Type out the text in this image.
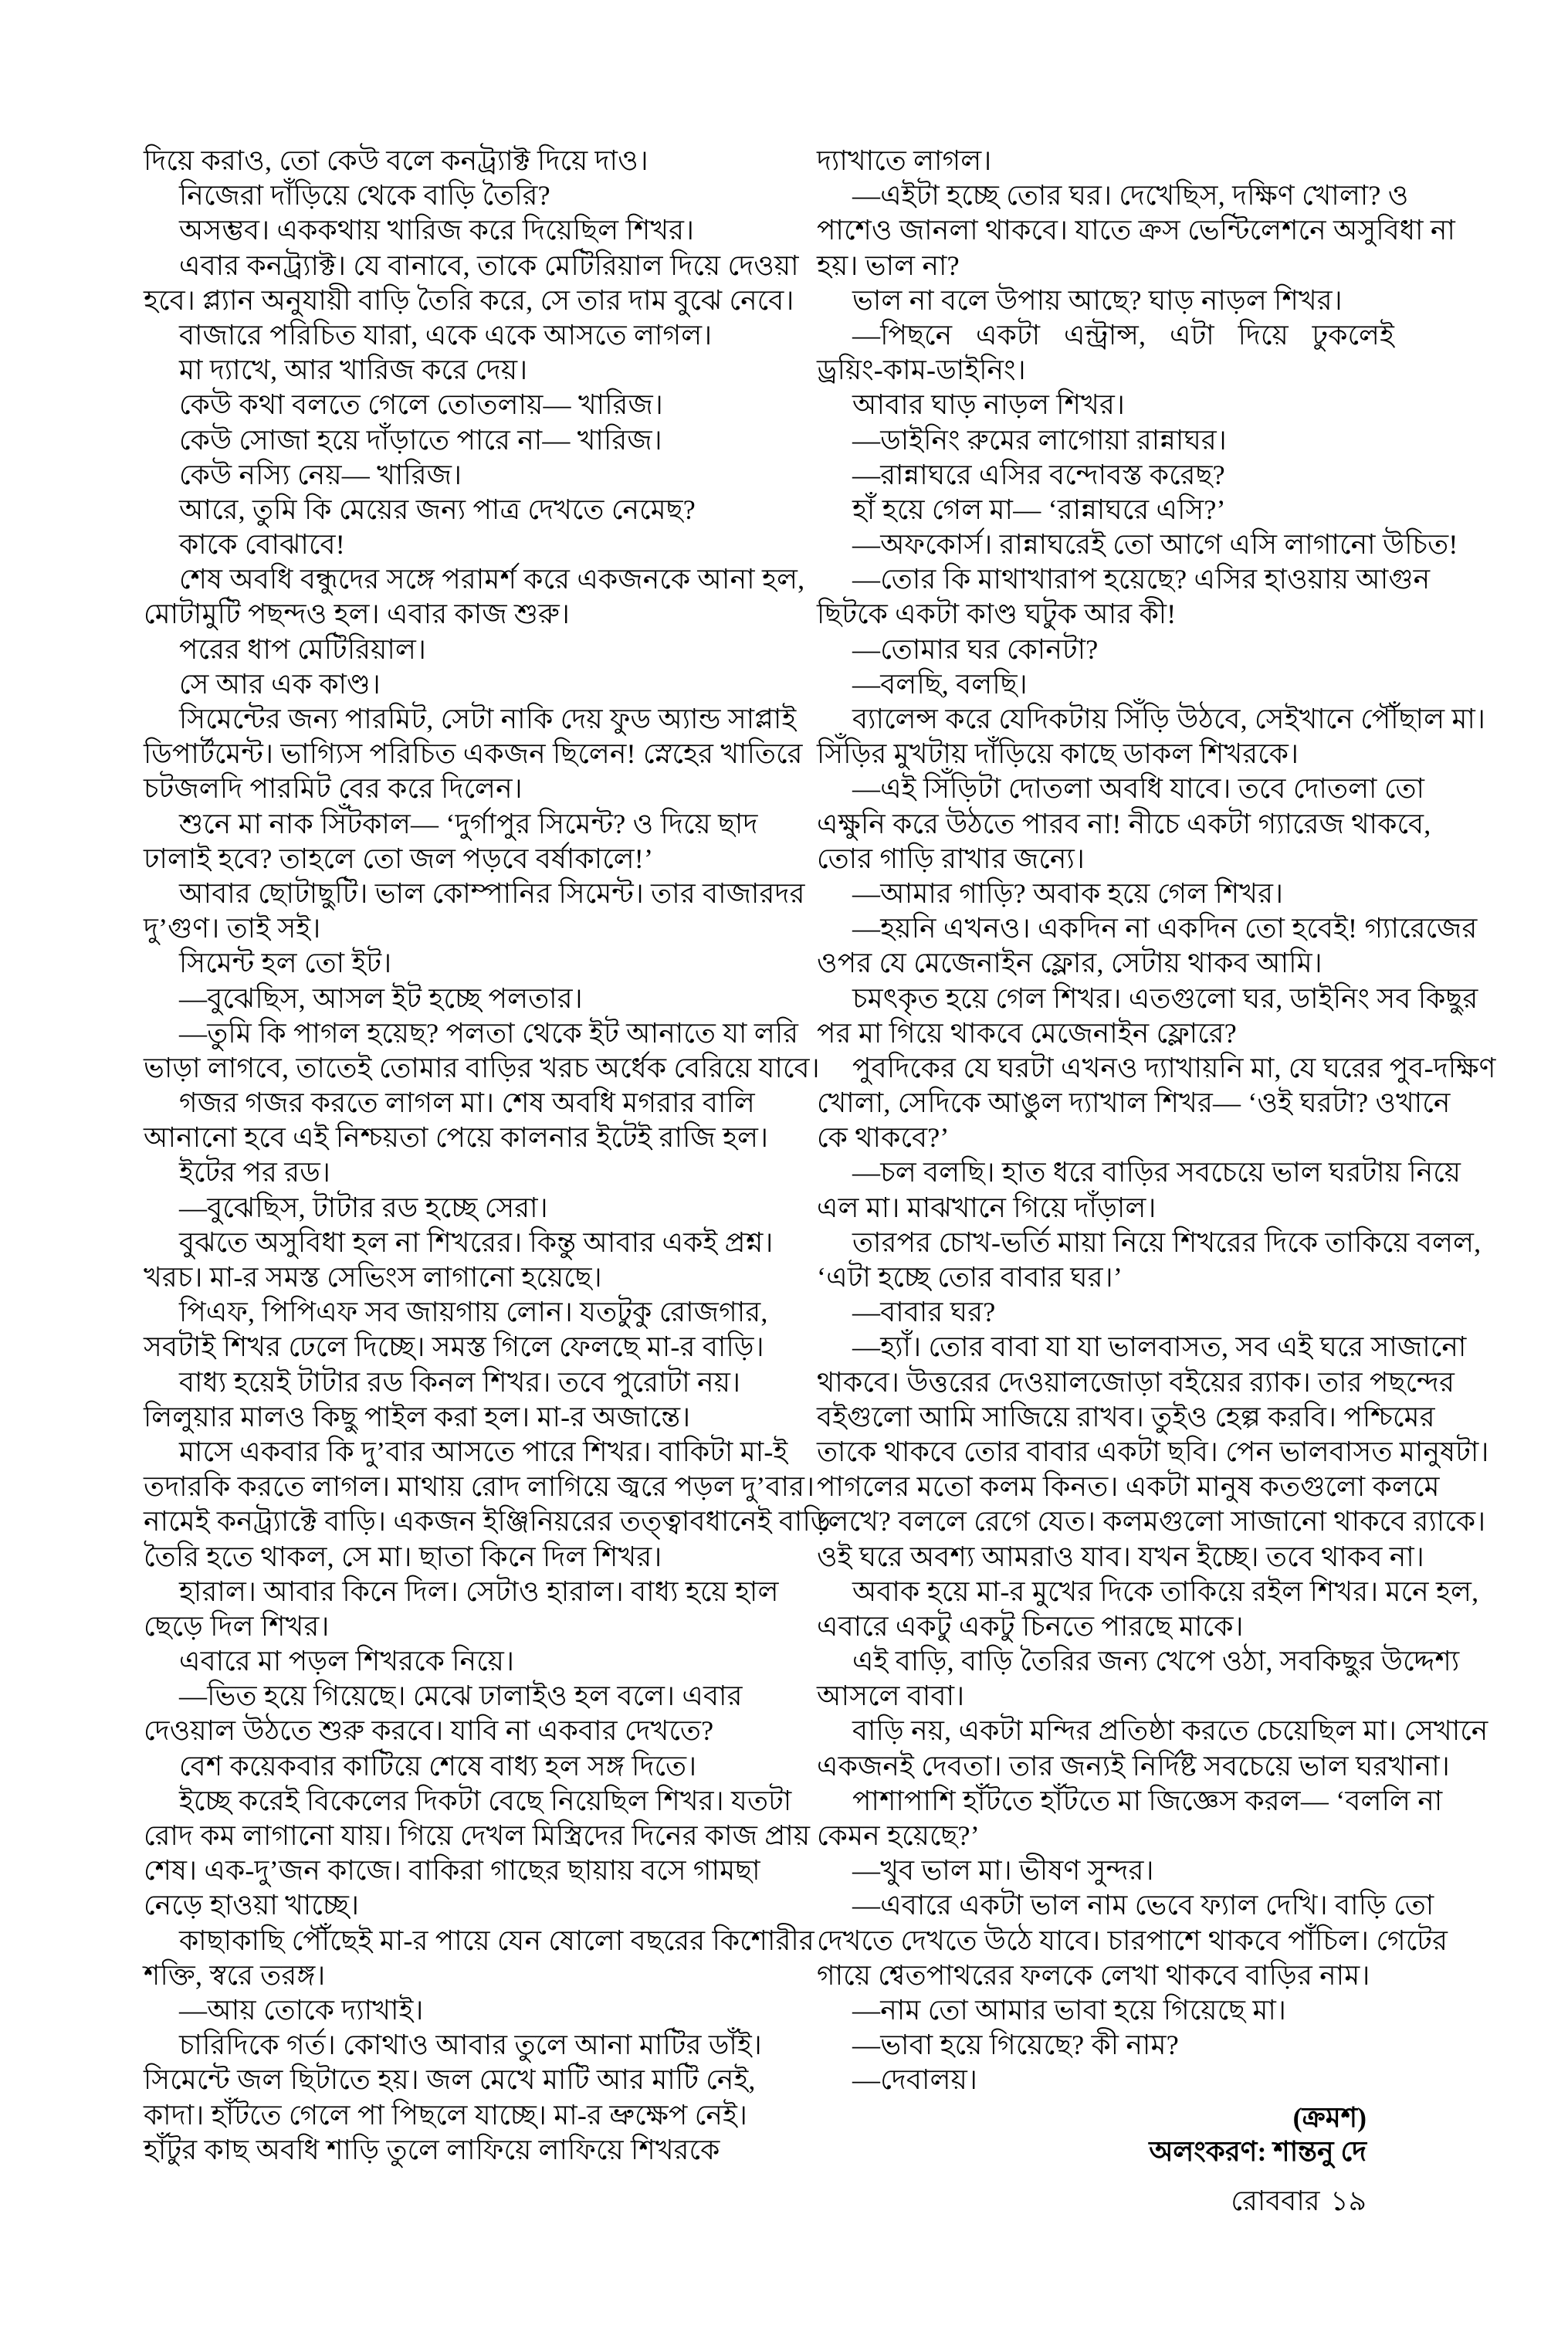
দিয়ে করাও, তো কেউ বলে কনট্র্যাক্ট দিয়ে দাও।
নিজেরা দাঁড়িয়ে থেকে বাড়ি তৈরি?
অসম্ভব। এককথায় খারিজ করে দিয়েছিল শিখর।
এবার কনট্র্যাক্ট। যে বানাবে, তাকে মেটিরিয়াল দিয়ে দেওয়া
হবে। প্ল্যান অনুযায়ী বাড়ি তৈরি করে, সে তার দাম বুঝে নেবে।
বাজারে পরিচিত যারা, একে একে আসতে লাগল।
মা দ্যাখে, আর খারিজ করে দেয়।
কেউ কথা বলতে গেলে তোতলায়— খারিজ।
কেউ সোজা হয়ে দাঁড়াতে পারে না— খারিজ।
কেউ নস্যি নেয়— খারিজ।
আরে, তুমি কি মেয়ের জন্য পাত্র দেখতে নেমেছ?
কাকে বোঝাবে!
শেষ অবধি বন্ধুদের সঙ্গে পরামর্শ করে একজনকে আনা হল,
মোটামুটি পছন্দও হল। এবার কাজ শুরু।
পরের ধাপ মেটিরিয়াল।
সে আর এক কাণ্ড।
সিমেন্টের জন্য পারমিট, সেটা নাকি দেয় ফুড অ্যান্ড সাপ্লাই
ডিপার্টমেন্ট। ভাগ্যিস পরিচিত একজন ছিলেন! স্নেহের খাতিরে
চটজলদি পারমিট বের করে দিলেন।
শুনে মা নাক সিঁটকাল— ‘দুর্গাপুর সিমেন্ট? ও দিয়ে ছাদ
ঢালাই হবে? তাহলে তো জল পড়বে বর্ষাকালে!’
আবার ছোটাছুটি। ভাল কোম্পানির সিমেন্ট। তার বাজারদর
দু’গুণ। তাই সই।
সিমেন্ট হল তো ইট।
—বুঝেছিস, আসল ইট হচ্ছে পলতার।
—তুমি কি পাগল হয়েছ? পলতা থেকে ইট আনাতে যা লরি
ভাড়া লাগবে, তাতেই তোমার বাড়ির খরচ অর্ধেক বেরিয়ে যাবে।
গজর গজর করতে লাগল মা। শেষ অবধি মগরার বালি
আনানো হবে এই নিশ্চয়তা পেয়ে কালনার ইটেই রাজি হল।
ইটের পর রড।
—বুঝেছিস, টাটার রড হচ্ছে সেরা।
বুঝতে অসুবিধা হল না শিখরের। কিন্তু আবার একই প্রশ্ন।
খরচ। মা-র সমস্ত সেভিংস লাগানো হয়েছে।
পিএফ, পিপিএফ সব জায়গায় লোন। যতটুকু রোজগার,
সবটাই শিখর ঢেলে দিচ্ছে। সমস্ত গিলে ফেলছে মা-র বাড়ি।
বাধ্য হয়েই টাটার রড কিনল শিখর। তবে পুরোটা নয়।
লিলুয়ার মালও কিছু পাইল করা হল। মা-র অজান্তে।
মাসে একবার কি দু’বার আসতে পারে শিখর। বাকিটা মা-ই
তদারকি করতে লাগল। মাথায় রোদ লাগিয়ে জ্বরে পড়ল দু’বার।
নামেই কনট্র্যাক্টে বাড়ি। একজন ইঞ্জিনিয়রের তত্ত্বাবধানেই বাড়ি
তৈরি হতে থাকল, সে মা। ছাতা কিনে দিল শিখর।
হারাল। আবার কিনে দিল। সেটাও হারাল। বাধ্য হয়ে হাল
ছেড়ে দিল শিখর।
এবারে মা পড়ল শিখরকে নিয়ে।
—ভিত হয়ে গিয়েছে। মেঝে ঢালাইও হল বলে। এবার
দেওয়াল উঠতে শুরু করবে। যাবি না একবার দেখতে?
বেশ কয়েকবার কাটিয়ে শেষে বাধ্য হল সঙ্গ দিতে।
ইচ্ছে করেই বিকেলের দিকটা বেছে নিয়েছিল শিখর। যতটা
রোদ কম লাগানো যায়। গিয়ে দেখল মিস্ত্রিদের দিনের কাজ প্রায়
শেষ। এক-দু’জন কাজে। বাকিরা গাছের ছায়ায় বসে গামছা
নেড়ে হাওয়া খাচ্ছে।
কাছাকাছি পৌঁছেই মা-র পায়ে যেন ষোলো বছরের কিশোরীর
শক্তি, স্বরে তরঙ্গ।
—আয় তোকে দ্যাখাই।
চারিদিকে গর্ত। কোথাও আবার তুলে আনা মাটির ডাঁই।
সিমেন্টে জল ছিটাতে হয়। জল মেখে মাটি আর মাটি নেই,
কাদা। হাঁটতে গেলে পা পিছলে যাচ্ছে। মা-র ভ্রুক্ষেপ নেই।
হাঁটুর কাছ অবধি শাড়ি তুলে লাফিয়ে লাফিয়ে শিখরকে
দ্যাখাতে লাগল।
—এইটা হচ্ছে তোর ঘর। দেখেছিস, দক্ষিণ খোলা? ও
পাশেও জানলা থাকবে। যাতে ক্রস ভেন্টিলেশনে অসুবিধা না
হয়। ভাল না?
ভাল না বলে উপায় আছে? ঘাড় নাড়ল শিখর।
—পিছনে একটা এন্ট্রান্স, এটা দিয়ে ঢুকলেই
ড্রয়িং-কাম-ডাইনিং।
আবার ঘাড় নাড়ল শিখর।
—ডাইনিং রুমের লাগোয়া রান্নাঘর।
—রান্নাঘরে এসির বন্দোবস্ত করেছ?
হাঁ হয়ে গেল মা— ‘রান্নাঘরে এসি?’
—অফকোর্স। রান্নাঘরেই তো আগে এসি লাগানো উচিত!
—তোর কি মাথাখারাপ হয়েছে? এসির হাওয়ায় আগুন
ছিটকে একটা কাণ্ড ঘটুক আর কী!
—তোমার ঘর কোনটা?
—বলছি, বলছি।
ব্যালেন্স করে যেদিকটায় সিঁড়ি উঠবে, সেইখানে পৌঁছাল মা।
সিঁড়ির মুখটায় দাঁড়িয়ে কাছে ডাকল শিখরকে।
—এই সিঁড়িটা দোতলা অবধি যাবে। তবে দোতলা তো
এক্ষুনি করে উঠতে পারব না! নীচে একটা গ্যারেজ থাকবে,
তোর গাড়ি রাখার জন্যে।
—আমার গাড়ি? অবাক হয়ে গেল শিখর।
—হয়নি এখনও। একদিন না একদিন তো হবেই! গ্যারেজের
ওপর যে মেজেনাইন ফ্লোর, সেটায় থাকব আমি।
চমৎকৃত হয়ে গেল শিখর। এতগুলো ঘর, ডাইনিং সব কিছুর
পর মা গিয়ে থাকবে মেজেনাইন ফ্লোরে?
পুবদিকের যে ঘরটা এখনও দ্যাখায়নি মা, যে ঘরের পুব-দক্ষিণ
খোলা, সেদিকে আঙুল দ্যাখাল শিখর— ‘ওই ঘরটা? ওখানে
কে থাকবে?’
—চল বলছি। হাত ধরে বাড়ির সবচেয়ে ভাল ঘরটায় নিয়ে
এল মা। মাঝখানে গিয়ে দাঁড়াল।
তারপর চোখ-ভর্তি মায়া নিয়ে শিখরের দিকে তাকিয়ে বলল,
‘এটা হচ্ছে তোর বাবার ঘর।’
—বাবার ঘর?
—হ্যাঁ। তোর বাবা যা যা ভালবাসত, সব এই ঘরে সাজানো
থাকবে। উত্তরের দেওয়ালজোড়া বইয়ের র‍্যাক। তার পছন্দের
বইগুলো আমি সাজিয়ে রাখব। তুইও হেল্প করবি। পশ্চিমের
তাকে থাকবে তোর বাবার একটা ছবি। পেন ভালবাসত মানুষটা।
পাগলের মতো কলম কিনত। একটা মানুষ কতগুলো কলমে
লেখে? বললে রেগে যেত। কলমগুলো সাজানো থাকবে র‍্যাকে।
ওই ঘরে অবশ্য আমরাও যাব। যখন ইচ্ছে। তবে থাকব না।
অবাক হয়ে মা-র মুখের দিকে তাকিয়ে রইল শিখর। মনে হল,
এবারে একটু একটু চিনতে পারছে মাকে।
এই বাড়ি, বাড়ি তৈরির জন্য খেপে ওঠা, সবকিছুর উদ্দেশ্য
আসলে বাবা।
বাড়ি নয়, একটা মন্দির প্রতিষ্ঠা করতে চেয়েছিল মা। সেখানে
একজনই দেবতা। তার জন্যই নির্দিষ্ট সবচেয়ে ভাল ঘরখানা।
পাশাপাশি হাঁটতে হাঁটতে মা জিজ্ঞেস করল— ‘বললি না
কেমন হয়েছে?’
—খুব ভাল মা। ভীষণ সুন্দর।
—এবারে একটা ভাল নাম ভেবে ফ্যাল দেখি। বাড়ি তো
দেখতে দেখতে উঠে যাবে। চারপাশে থাকবে পাঁচিল। গেটের
গায়ে শ্বেতপাথরের ফলকে লেখা থাকবে বাড়ির নাম।
—নাম তো আমার ভাবা হয়ে গিয়েছে মা।
—ভাবা হয়ে গিয়েছে? কী নাম?
—দেবালয়।
(ক্রমশ)
অলংকরণ: শান্তনু দে
রোববার ১৯
